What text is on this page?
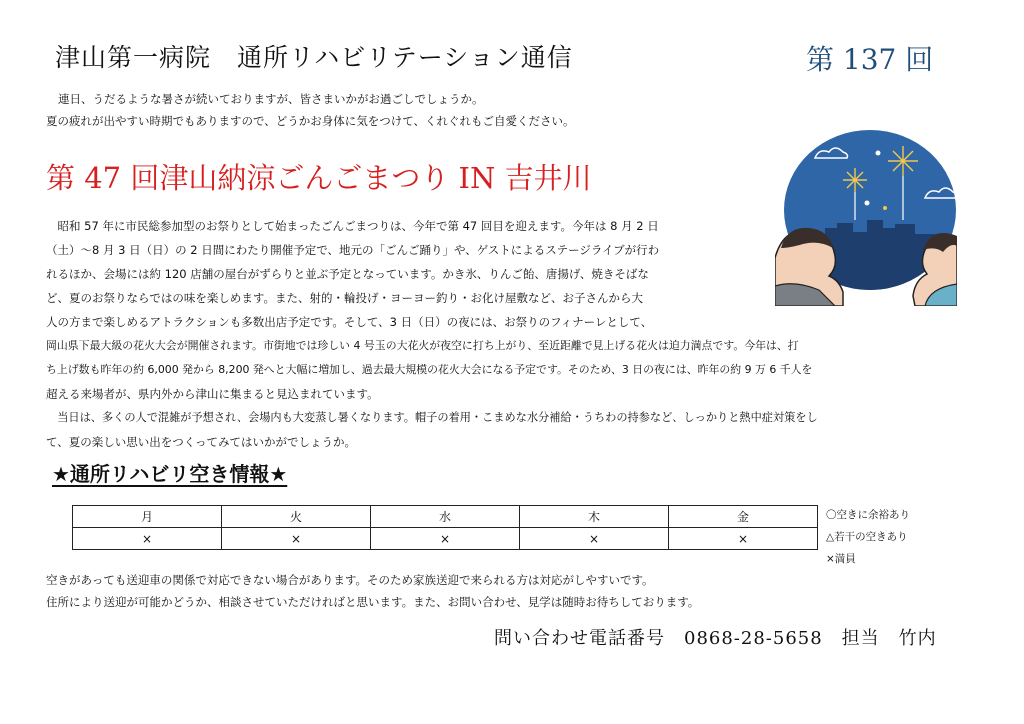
津山第一病院　通所リハビリテーション通信	第 137 回
連日、うだるような暑さが続いておりますが、皆さまいかがお過ごしでしょうか。
夏の疲れが出やすい時期でもありますので、どうかお身体に気をつけて、くれぐれもご自愛ください。
第 47 回津山納涼ごんごまつり IN 吉井川
　昭和 57 年に市民総参加型のお祭りとして始まったごんごまつりは、今年で第 47 回目を迎えます。今年は 8 月 2 日
（土）～8 月 3 日（日）の 2 日間にわたり開催予定で、地元の「ごんご踊り」や、ゲストによるステージライブが行わ
れるほか、会場には約 120 店舗の屋台がずらりと並ぶ予定となっています。かき氷、りんご飴、唐揚げ、焼きそばな
ど、夏のお祭りならではの味を楽しめます。また、射的・輪投げ・ヨーヨー釣り・お化け屋敷など、お子さんから大
人の方まで楽しめるアトラクションも多数出店予定です。そして、3 日（日）の夜には、お祭りのフィナーレとして、
岡山県下最大級の花火大会が開催されます。市街地では珍しい 4 号玉の大花火が夜空に打ち上がり、至近距離で見上げる花火は迫力満点です。今年は、打
ち上げ数も昨年の約 6,000 発から 8,200 発へと大幅に増加し、過去最大規模の花火大会になる予定です。そのため、3 日の夜には、昨年の約 9 万 6 千人を
超える来場者が、県内外から津山に集まると見込まれています。
　当日は、多くの人で混雑が予想され、会場内も大変蒸し暑くなります。帽子の着用・こまめな水分補給・うちわの持参など、しっかりと熱中症対策をし
て、夏の楽しい思い出をつくってみてはいかがでしょうか。
★通所リハビリ空き情報★
月	火	水	木	金
×	×	×	×	×
〇空きに余裕あり
△若干の空きあり
×満員
空きがあっても送迎車の関係で対応できない場合があります。そのため家族送迎で来られる方は対応がしやすいです。
住所により送迎が可能かどうか、相談させていただければと思います。また、お問い合わせ、見学は随時お待ちしております。
問い合わせ電話番号　0868-28-5658　担当　竹内
